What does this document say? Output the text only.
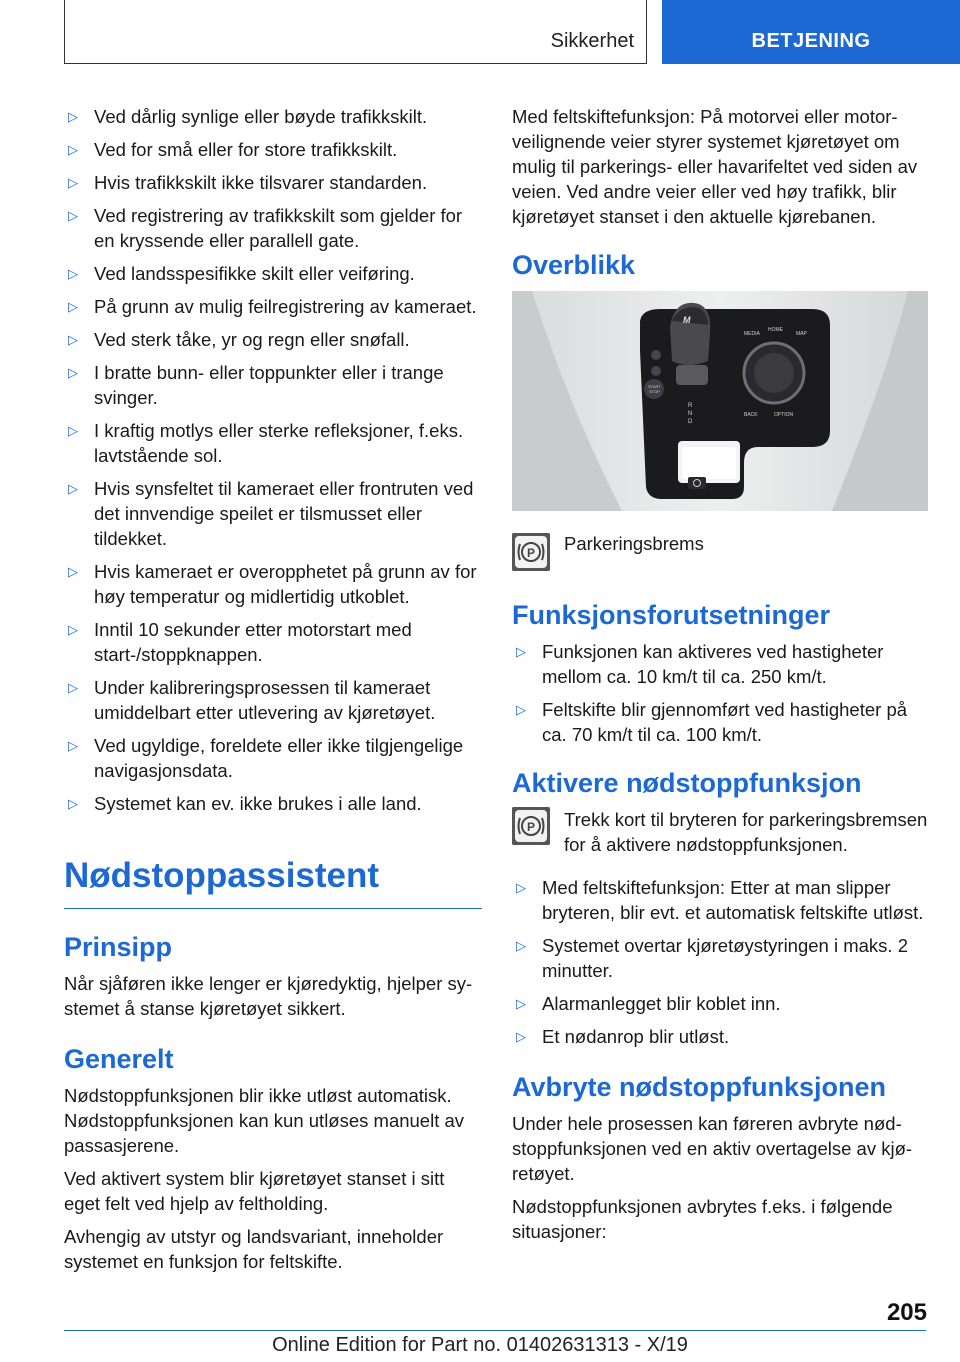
Sikkerhet	BETJENING
▷ Ved dårlig synlige eller bøyde trafikkskilt.
▷ Ved for små eller for store trafikkskilt.
▷ Hvis trafikkskilt ikke tilsvarer standarden.
▷ Ved registrering av trafikkskilt som gjelder for en kryssende eller parallell gate.
▷ Ved landsspesifikke skilt eller veiføring.
▷ På grunn av mulig feilregistrering av kameraet.
▷ Ved sterk tåke, yr og regn eller snøfall.
▷ I bratte bunn- eller toppunkter eller i trange svinger.
▷ I kraftig motlys eller sterke refleksjoner, f.eks. lavtstående sol.
▷ Hvis synsfeltet til kameraet eller frontruten ved det innvendige speilet er tilsmusset eller tildekket.
▷ Hvis kameraet er overopphetet på grunn av for høy temperatur og midlertidig utkoblet.
▷ Inntil 10 sekunder etter motorstart med start-/stoppknappen.
▷ Under kalibreringsprosessen til kameraet umiddelbart etter utlevering av kjøretøyet.
▷ Ved ugyldige, foreldete eller ikke tilgjengelige navigasjonsdata.
▷ Systemet kan ev. ikke brukes i alle land.
Nødstoppassistent
Prinsipp

Når sjåføren ikke lenger er kjøredyktig, hjelper systemet å stanse kjøretøyet sikkert.

Generelt

Nødstoppfunksjonen blir ikke utløst automatisk. Nødstoppfunksjonen kan kun utløses manuelt av passasjerene.

Ved aktivert system blir kjøretøyet stanset i sitt eget felt ved hjelp av feltholding.

Avhengig av utstyr og landsvariant, inneholder systemet en funksjon for feltskifte.

Med feltskiftefunksjon: På motorvei eller motorveilignende veier styrer systemet kjøretøyet om mulig til parkerings- eller havarifeltet ved siden av veien. Ved andre veier eller ved høy trafikk, blir kjøretøyet stanset i den aktuelle kjørebanen.

Overblikk
M
START
STOP
MEDIA
HOME
MAP
BACK	OPTION
R
N
D
P Parkeringsbrems
Funksjonsforutsetninger
▷ Funksjonen kan aktiveres ved hastigheter mellom ca. 10 km/t til ca. 250 km/t.
▷ Feltskifte blir gjennomført ved hastigheter på ca. 70 km/t til ca. 100 km/t.
Aktivere nødstoppfunksjon
P Trekk kort til bryteren for parkeringsbremsen for å aktivere nødstoppfunksjonen.
▷ Med feltskiftefunksjon: Etter at man slipper bryteren, blir evt. et automatisk feltskifte utløst.
▷ Systemet overtar kjøretøystyringen i maks. 2 minutter.
▷ Alarmanlegget blir koblet inn.
▷ Et nødanrop blir utløst.
Avbryte nødstoppfunksjonen

Under hele prosessen kan føreren avbryte nødstoppfunksjonen ved en aktiv overtagelse av kjøretøyet.

Nødstoppfunksjonen avbrytes f.eks. i følgende situasjoner:

205
Online Edition for Part no. 01402631313 - X/19
